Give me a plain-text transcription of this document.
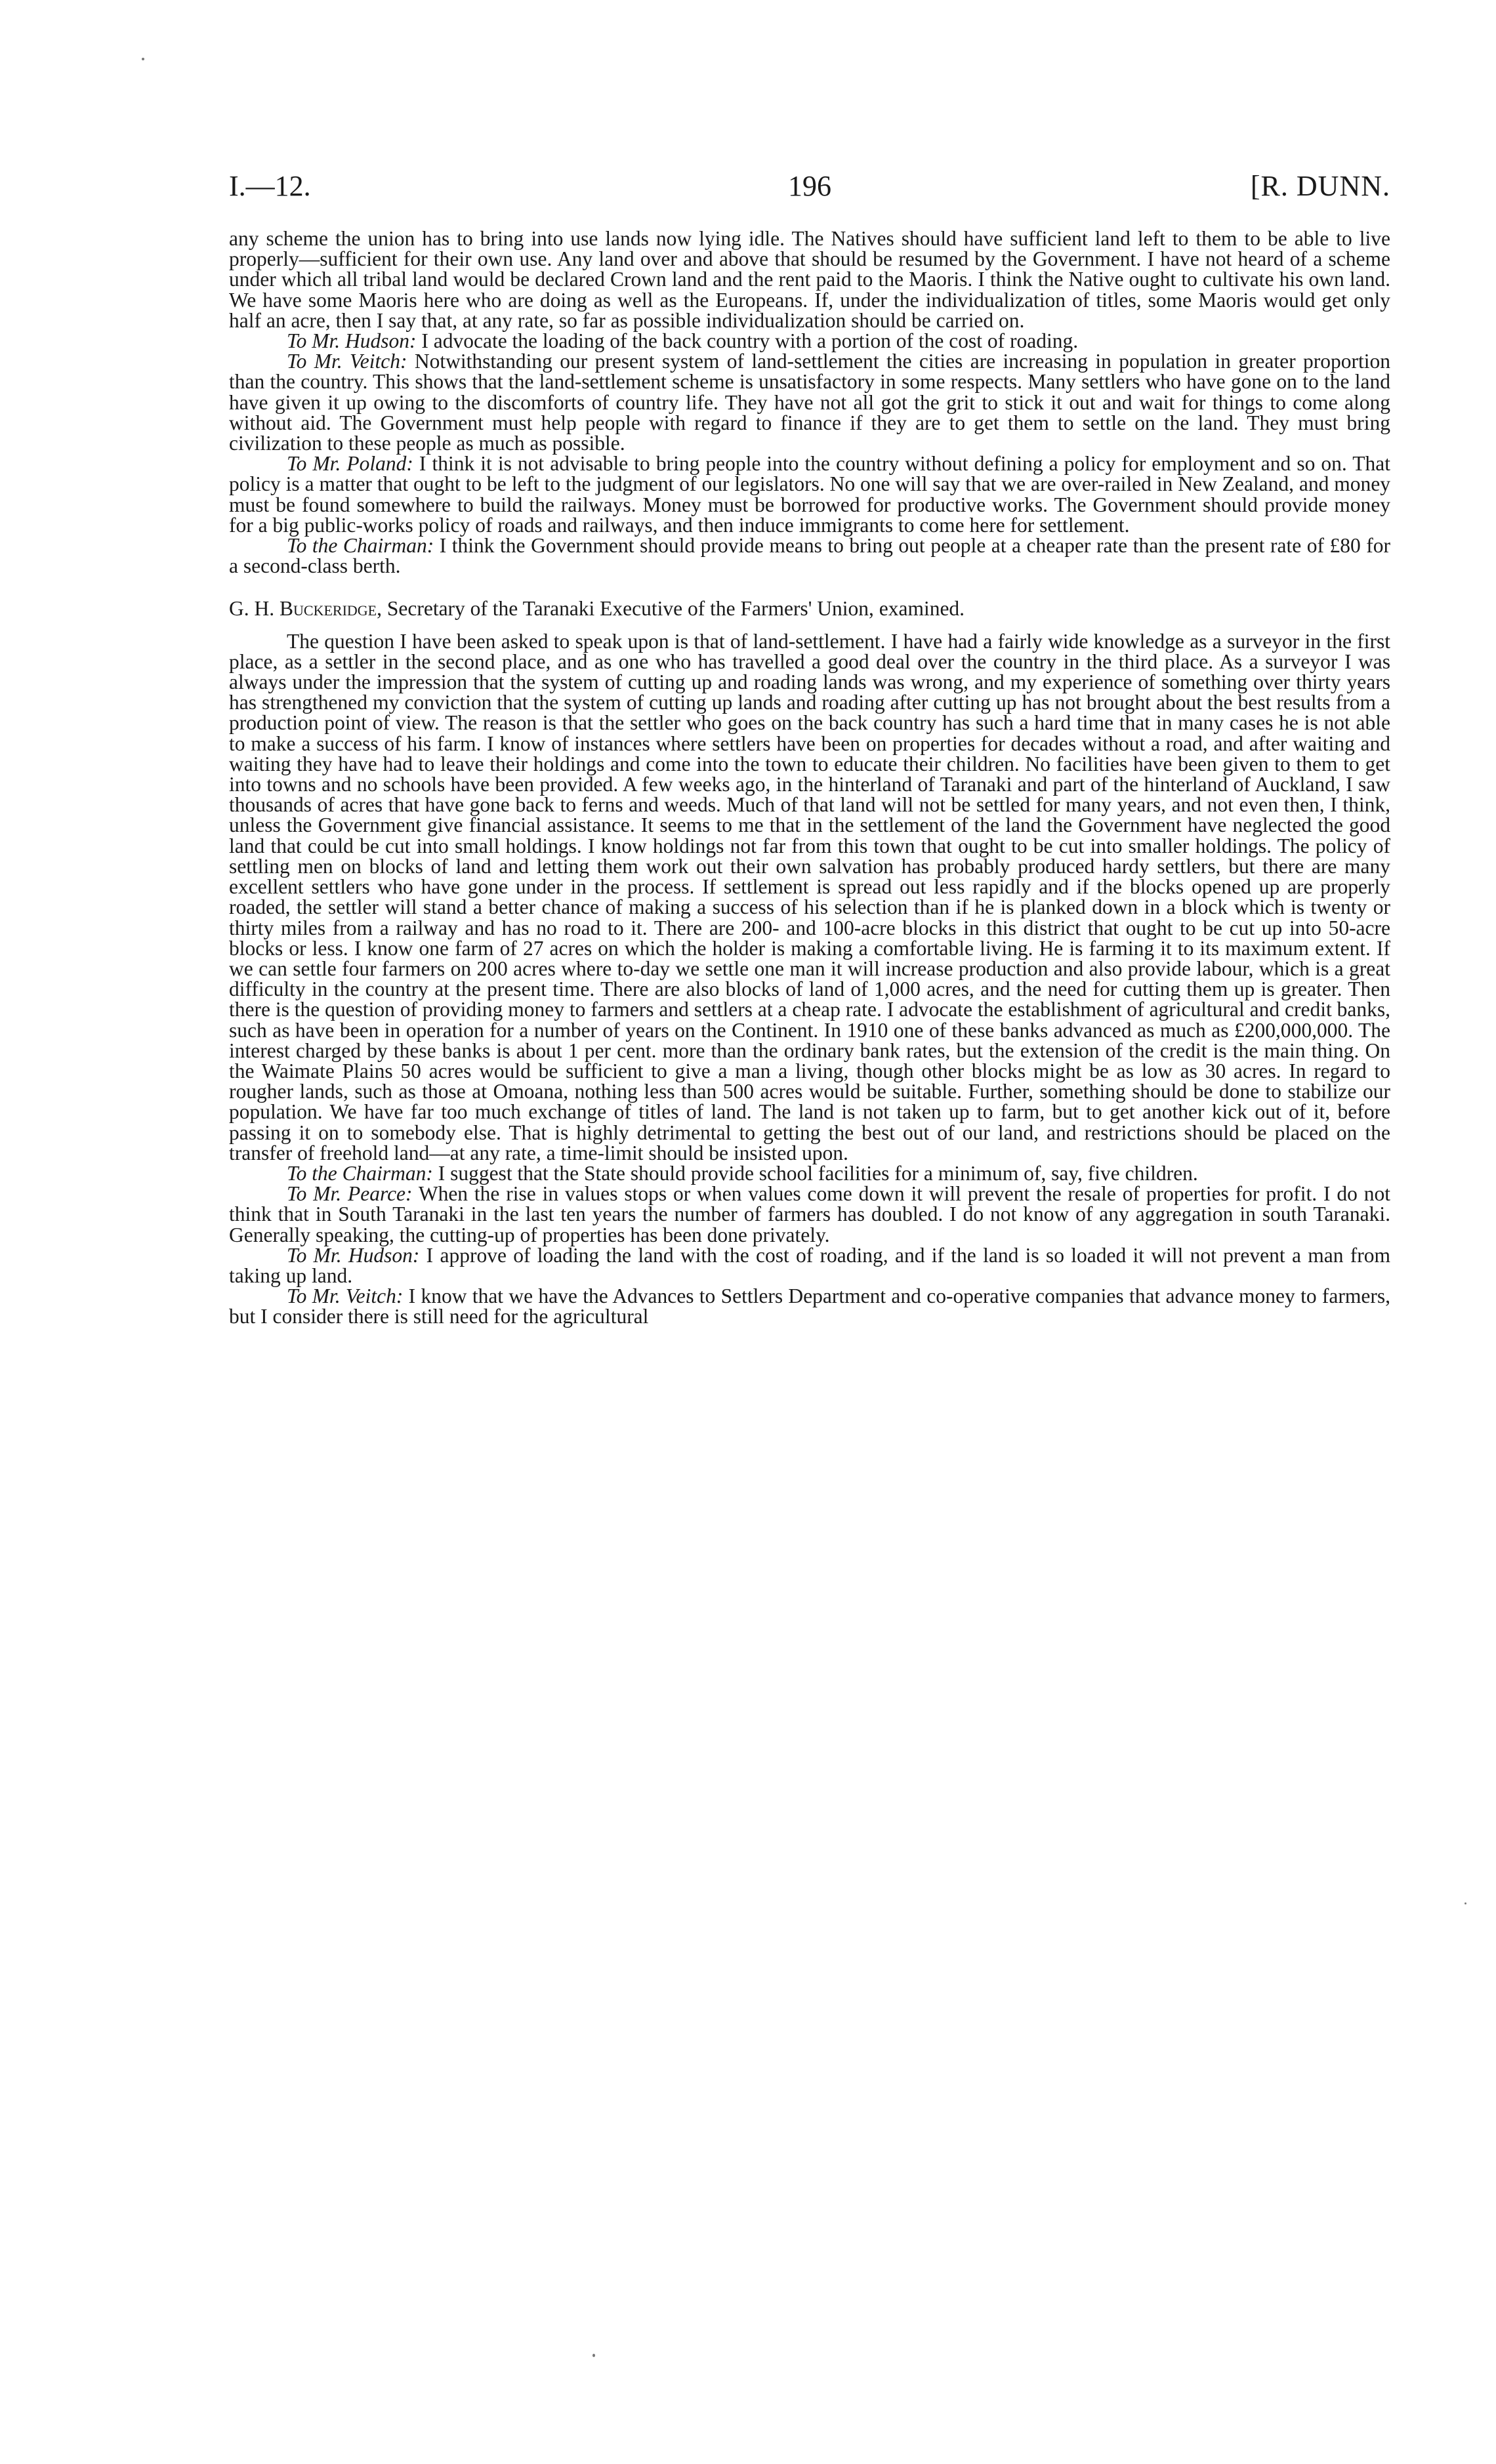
I.—12.	196	[R. DUNN.

any scheme the union has to bring into use lands now lying idle. The Natives should have sufficient land left to them to be able to live properly—sufficient for their own use. Any land over and above that should be resumed by the Government. I have not heard of a scheme under which all tribal land would be declared Crown land and the rent paid to the Maoris. I think the Native ought to cultivate his own land. We have some Maoris here who are doing as well as the Europeans. If, under the individualization of titles, some Maoris would get only half an acre, then I say that, at any rate, so far as possible individualization should be carried on.

To Mr. Hudson: I advocate the loading of the back country with a portion of the cost of roading.

To Mr. Veitch: Notwithstanding our present system of land-settlement the cities are increasing in population in greater proportion than the country. This shows that the land-settlement scheme is unsatisfactory in some respects. Many settlers who have gone on to the land have given it up owing to the discomforts of country life. They have not all got the grit to stick it out and wait for things to come along without aid. The Government must help people with regard to finance if they are to get them to settle on the land. They must bring civilization to these people as much as possible.

To Mr. Poland: I think it is not advisable to bring people into the country without defining a policy for employment and so on. That policy is a matter that ought to be left to the judgment of our legislators. No one will say that we are over-railed in New Zealand, and money must be found somewhere to build the railways. Money must be borrowed for productive works. The Government should provide money for a big public-works policy of roads and railways, and then induce immigrants to come here for settlement.

To the Chairman: I think the Government should provide means to bring out people at a cheaper rate than the present rate of £80 for a second-class berth.

G. H. Buckeridge, Secretary of the Taranaki Executive of the Farmers' Union, examined.

The question I have been asked to speak upon is that of land-settlement. I have had a fairly wide knowledge as a surveyor in the first place, as a settler in the second place, and as one who has travelled a good deal over the country in the third place. As a surveyor I was always under the impression that the system of cutting up and roading lands was wrong, and my experience of something over thirty years has strengthened my conviction that the system of cutting up lands and roading after cutting up has not brought about the best results from a production point of view. The reason is that the settler who goes on the back country has such a hard time that in many cases he is not able to make a success of his farm. I know of instances where settlers have been on properties for decades without a road, and after waiting and waiting they have had to leave their holdings and come into the town to educate their children. No facilities have been given to them to get into towns and no schools have been provided. A few weeks ago, in the hinterland of Taranaki and part of the hinterland of Auckland, I saw thousands of acres that have gone back to ferns and weeds. Much of that land will not be settled for many years, and not even then, I think, unless the Government give financial assistance. It seems to me that in the settlement of the land the Government have neglected the good land that could be cut into small holdings. I know holdings not far from this town that ought to be cut into smaller holdings. The policy of settling men on blocks of land and letting them work out their own salvation has probably produced hardy settlers, but there are many excellent settlers who have gone under in the process. If settlement is spread out less rapidly and if the blocks opened up are properly roaded, the settler will stand a better chance of making a success of his selection than if he is planked down in a block which is twenty or thirty miles from a railway and has no road to it. There are 200- and 100-acre blocks in this district that ought to be cut up into 50-acre blocks or less. I know one farm of 27 acres on which the holder is making a comfortable living. He is farming it to its maximum extent. If we can settle four farmers on 200 acres where to-day we settle one man it will increase production and also provide labour, which is a great difficulty in the country at the present time. There are also blocks of land of 1,000 acres, and the need for cutting them up is greater. Then there is the question of providing money to farmers and settlers at a cheap rate. I advocate the establishment of agricultural and credit banks, such as have been in operation for a number of years on the Continent. In 1910 one of these banks advanced as much as £200,000,000. The interest charged by these banks is about 1 per cent. more than the ordinary bank rates, but the extension of the credit is the main thing. On the Waimate Plains 50 acres would be sufficient to give a man a living, though other blocks might be as low as 30 acres. In regard to rougher lands, such as those at Omoana, nothing less than 500 acres would be suitable. Further, something should be done to stabilize our population. We have far too much exchange of titles of land. The land is not taken up to farm, but to get another kick out of it, before passing it on to somebody else. That is highly detrimental to getting the best out of our land, and restrictions should be placed on the transfer of freehold land—at any rate, a time-limit should be insisted upon.

To the Chairman: I suggest that the State should provide school facilities for a minimum of, say, five children.

To Mr. Pearce: When the rise in values stops or when values come down it will prevent the resale of properties for profit. I do not think that in South Taranaki in the last ten years the number of farmers has doubled. I do not know of any aggregation in south Taranaki. Generally speaking, the cutting-up of properties has been done privately.

To Mr. Hudson: I approve of loading the land with the cost of roading, and if the land is so loaded it will not prevent a man from taking up land.

To Mr. Veitch: I know that we have the Advances to Settlers Department and co-operative companies that advance money to farmers, but I consider there is still need for the agricultural
